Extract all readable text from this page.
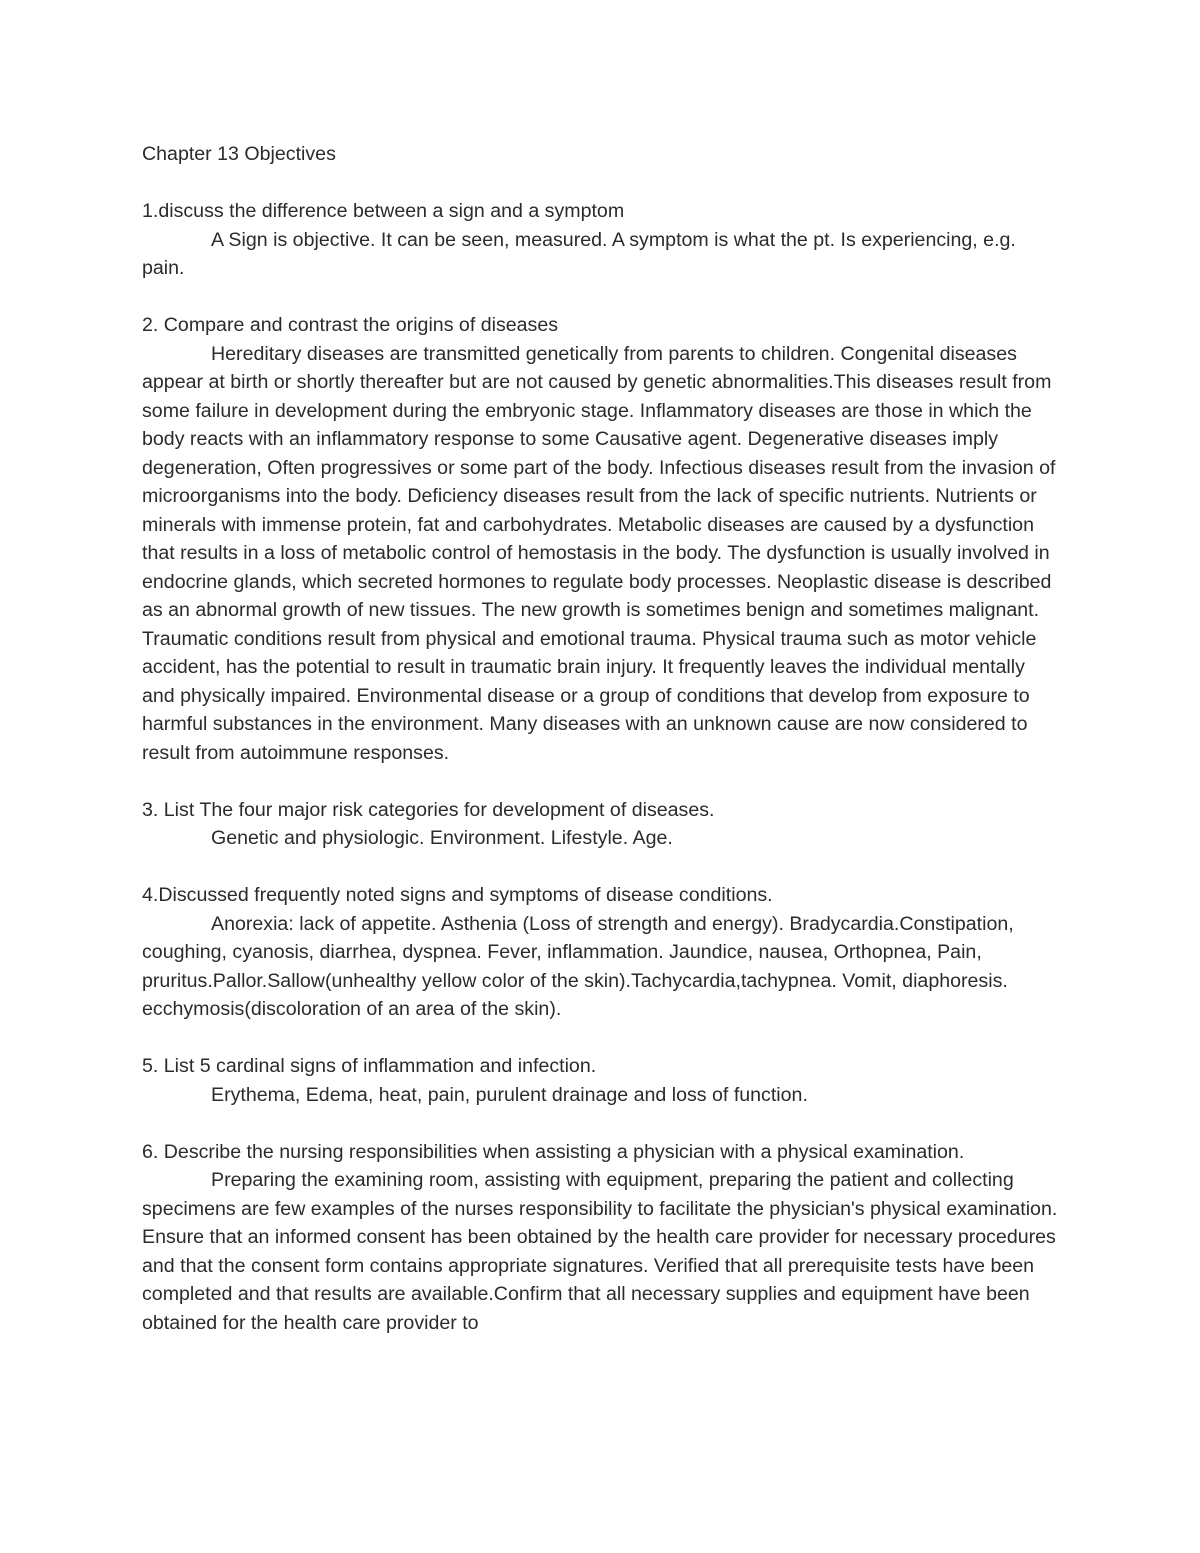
Chapter 13 Objectives
1.discuss the difference between a sign and a symptom
A Sign is objective. It can be seen, measured. A symptom is what the pt. Is experiencing, e.g. pain.
2. Compare and contrast the origins of diseases
Hereditary diseases are transmitted genetically from parents to children. Congenital diseases appear at birth or shortly thereafter but are not caused by genetic abnormalities.This diseases result from some failure in development during the embryonic stage. Inflammatory diseases are those in which the body reacts with an inflammatory response to some Causative agent. Degenerative diseases imply degeneration, Often progressives or some part of the body. Infectious diseases result from the invasion of microorganisms into the body. Deficiency diseases result from the lack of specific nutrients. Nutrients or minerals with immense protein, fat and carbohydrates. Metabolic diseases are caused by a dysfunction that results in a loss of metabolic control of hemostasis in the body. The dysfunction is usually involved in endocrine glands, which secreted hormones to regulate body processes. Neoplastic disease is described as an abnormal growth of new tissues. The new growth is sometimes benign and sometimes malignant. Traumatic conditions result from physical and emotional trauma. Physical trauma such as motor vehicle accident, has the potential to result in traumatic brain injury. It frequently leaves the individual mentally and physically impaired. Environmental disease or a group of conditions that develop from exposure to harmful substances in the environment. Many diseases with an unknown cause are now considered to result from autoimmune responses.
3. List The four major risk categories for development of diseases.
Genetic and physiologic. Environment. Lifestyle. Age.
4.Discussed frequently noted signs and symptoms of disease conditions.
Anorexia: lack of appetite. Asthenia (Loss of strength and energy). Bradycardia.Constipation, coughing, cyanosis, diarrhea, dyspnea. Fever, inflammation. Jaundice, nausea, Orthopnea, Pain, pruritus.Pallor.Sallow(unhealthy yellow color of the skin).Tachycardia,tachypnea. Vomit, diaphoresis. ecchymosis(discoloration of an area of the skin).
5. List 5 cardinal signs of inflammation and infection.
Erythema, Edema, heat, pain, purulent drainage and loss of function.
6. Describe the nursing responsibilities when assisting a physician with a physical examination.
Preparing the examining room, assisting with equipment, preparing the patient and collecting specimens are few examples of the nurses responsibility to facilitate the physician's physical examination. Ensure that an informed consent has been obtained by the health care provider for necessary procedures and that the consent form contains appropriate signatures. Verified that all prerequisite tests have been completed and that results are available.Confirm that all necessary supplies and equipment have been obtained for the health care provider to
